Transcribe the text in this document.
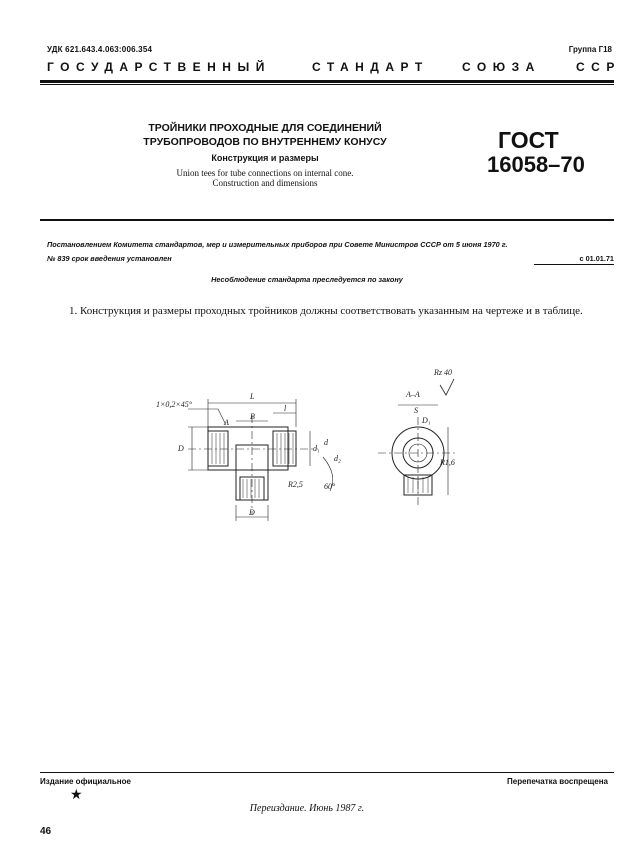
УДК 621.643.4.063:006.354	Группа Г18
ГОСУДАРСТВЕННЫЙ	СТАНДАРТ	СОЮЗА	ССР
ТРОЙНИКИ ПРОХОДНЫЕ ДЛЯ СОЕДИНЕНИЙ
ТРУБОПРОВОДОВ ПО ВНУТРЕННЕМУ КОНУСУ
Конструкция и размеры
Union tees for tube connections on internal cone.
Construction and dimensions
ГОСТ
16058–70
Постановлением Комитета стандартов, мер и измерительных приборов при Совете Министров СССР от 5 июня 1970 г.
№ 839 срок введения установлен	с 01.01.71
Несоблюдение стандарта преследуется по закону
1. Конструкция и размеры проходных тройников должны соответствовать указанным на чертеже и в таблице.
1×0,2×45°
L
l
A
B
D	d₁
d
d₂
60°
R2,5
Rz 40
А–А
S
D₁
R1,6
D
Издание официальное	Перепечатка воспрещена
★
Переиздание. Июнь 1987 г.
46
